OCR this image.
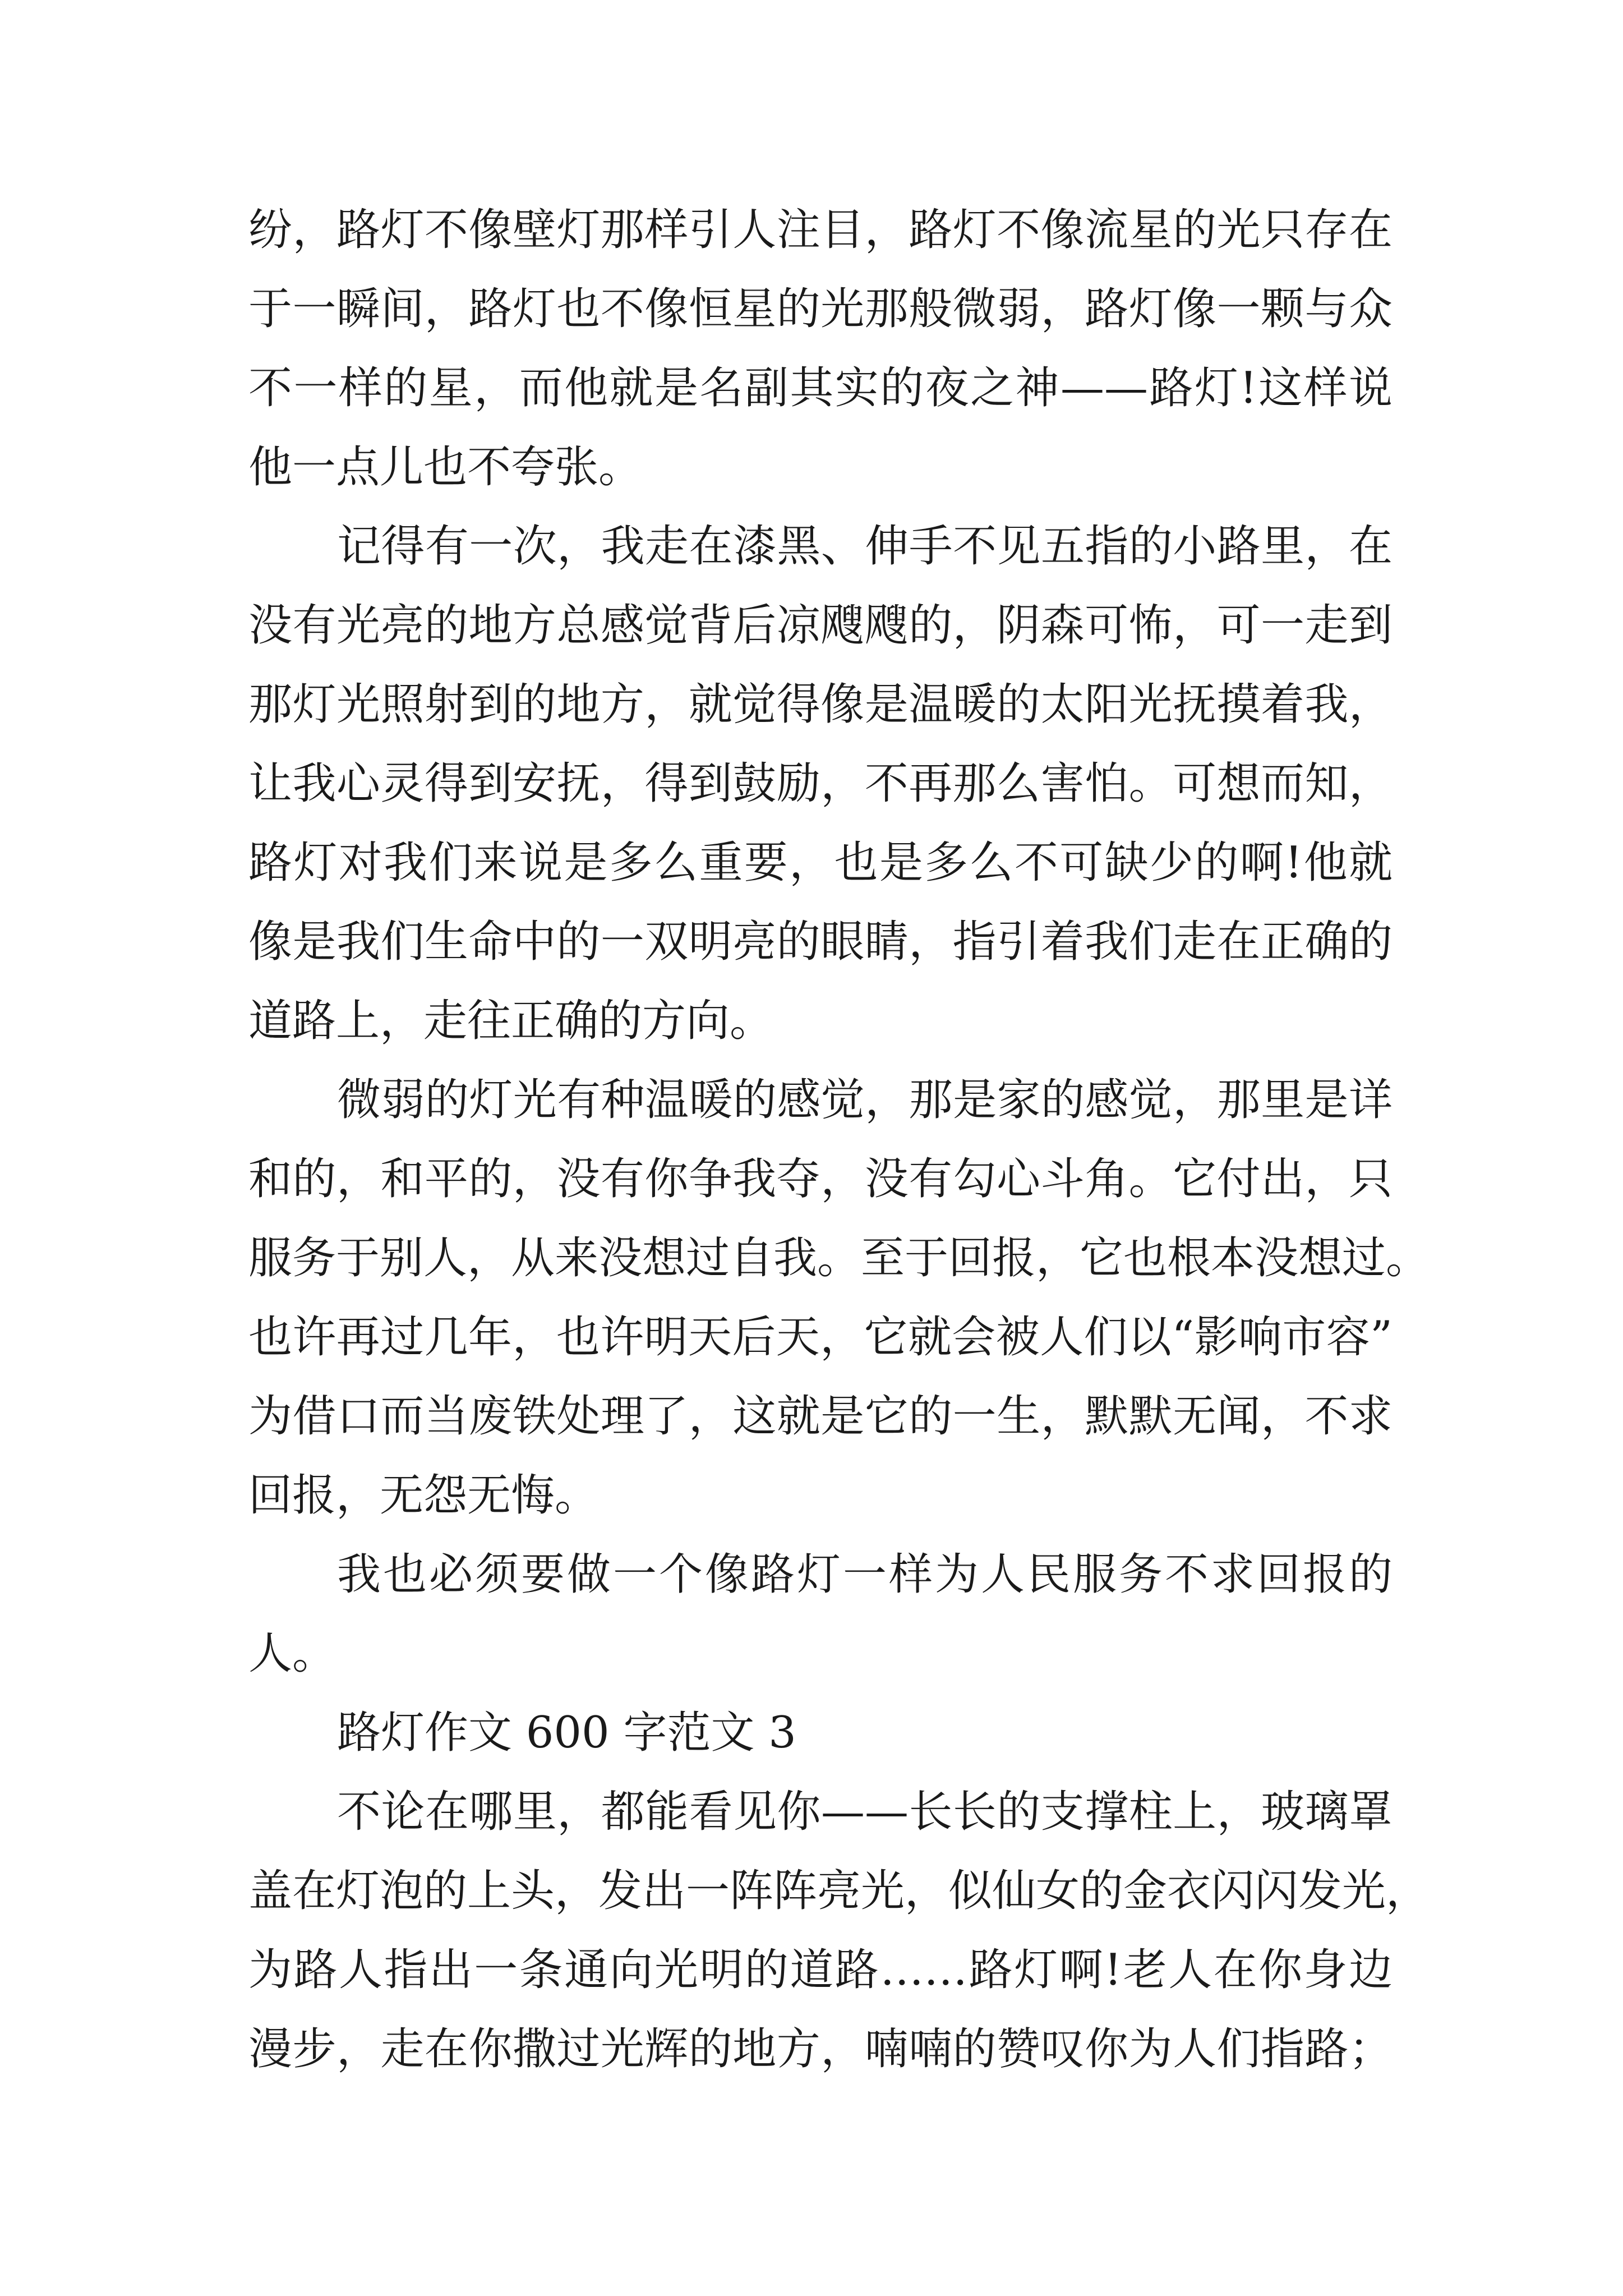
纷，路灯不像壁灯那样引人注目，路灯不像流星的光只存在
于一瞬间，路灯也不像恒星的光那般微弱，路灯像一颗与众
不一样的星，而他就是名副其实的夜之神——路灯!这样说
他一点儿也不夸张。
记得有一次，我走在漆黑、伸手不见五指的小路里，在
没有光亮的地方总感觉背后凉飕飕的，阴森可怖，可一走到
那灯光照射到的地方，就觉得像是温暖的太阳光抚摸着我，
让我心灵得到安抚，得到鼓励，不再那么害怕。可想而知，
路灯对我们来说是多么重要，也是多么不可缺少的啊!他就
像是我们生命中的一双明亮的眼睛，指引着我们走在正确的
道路上，走往正确的方向。
微弱的灯光有种温暖的感觉，那是家的感觉，那里是详
和的，和平的，没有你争我夺，没有勾心斗角。它付出，只
服务于别人，从来没想过自我。至于回报，它也根本没想过。
也许再过几年，也许明天后天，它就会被人们以“影响市容”
为借口而当废铁处理了，这就是它的一生，默默无闻，不求
回报，无怨无悔。
我也必须要做一个像路灯一样为人民服务不求回报的
人。
路灯作文 600 字范文 3
不论在哪里，都能看见你——长长的支撑柱上，玻璃罩
盖在灯泡的上头，发出一阵阵亮光，似仙女的金衣闪闪发光，
为路人指出一条通向光明的道路……路灯啊!老人在你身边
漫步，走在你撒过光辉的地方，喃喃的赞叹你为人们指路；
